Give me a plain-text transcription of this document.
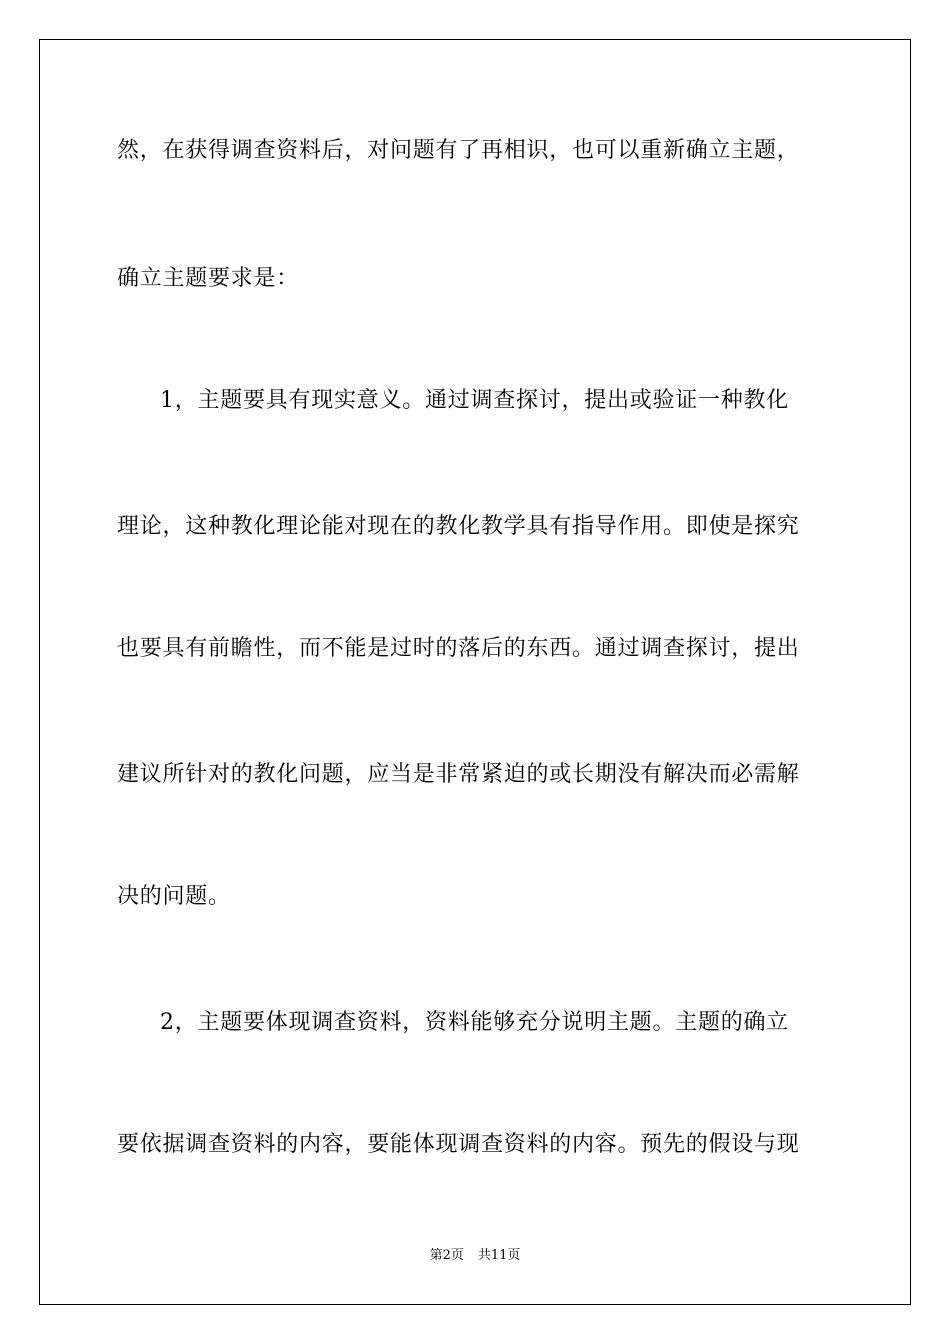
然，在获得调查资料后，对问题有了再相识，也可以重新确立主题，
确立主题要求是：
1，主题要具有现实意义。通过调查探讨，提出或验证一种教化
理论，这种教化理论能对现在的教化教学具有指导作用。即使是探究
也要具有前瞻性，而不能是过时的落后的东西。通过调查探讨，提出
建议所针对的教化问题，应当是非常紧迫的或长期没有解决而必需解
决的问题。
2，主题要体现调查资料，资料能够充分说明主题。主题的确立
要依据调查资料的内容，要能体现调查资料的内容。预先的假设与现
第2页 共11页
